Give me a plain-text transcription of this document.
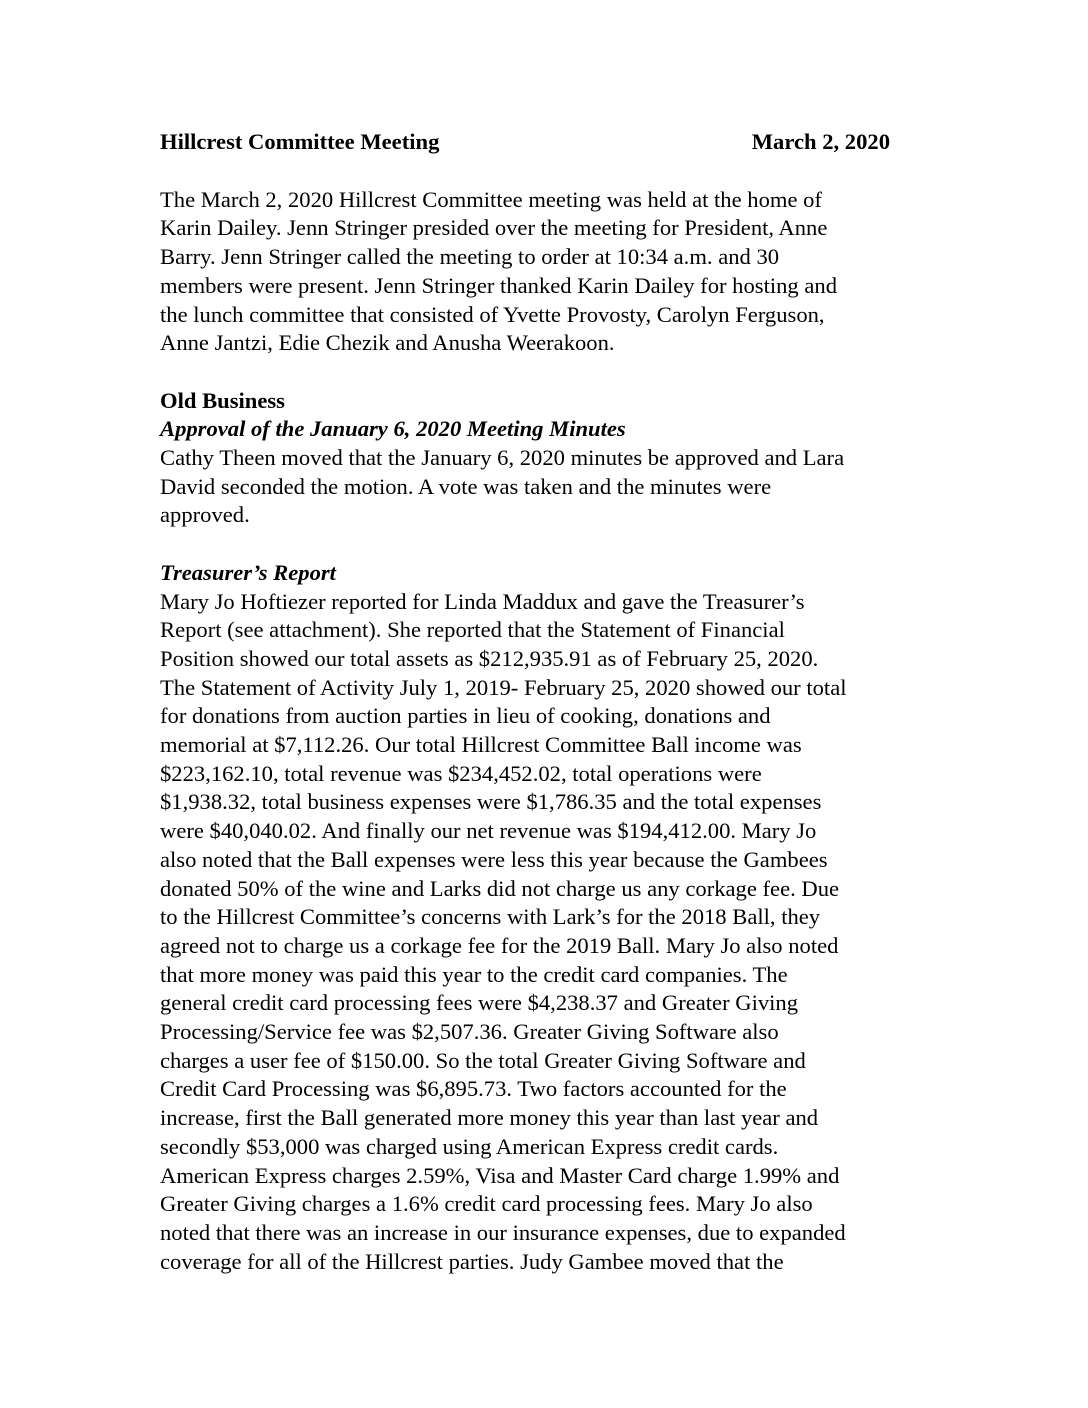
Hillcrest Committee Meeting	March 2, 2020
The March 2, 2020 Hillcrest Committee meeting was held at the home of
Karin Dailey. Jenn Stringer presided over the meeting for President, Anne
Barry. Jenn Stringer called the meeting to order at 10:34 a.m. and 30
members were present. Jenn Stringer thanked Karin Dailey for hosting and
the lunch committee that consisted of Yvette Provosty, Carolyn Ferguson,
Anne Jantzi, Edie Chezik and Anusha Weerakoon.
Old Business
Approval of the January 6, 2020 Meeting Minutes
Cathy Theen moved that the January 6, 2020 minutes be approved and Lara
David seconded the motion. A vote was taken and the minutes were
approved.
Treasurer’s Report
Mary Jo Hoftiezer reported for Linda Maddux and gave the Treasurer’s
Report (see attachment). She reported that the Statement of Financial
Position showed our total assets as $212,935.91 as of February 25, 2020.
The Statement of Activity July 1, 2019- February 25, 2020 showed our total
for donations from auction parties in lieu of cooking, donations and
memorial at $7,112.26. Our total Hillcrest Committee Ball income was
$223,162.10, total revenue was $234,452.02, total operations were
$1,938.32, total business expenses were $1,786.35 and the total expenses
were $40,040.02. And finally our net revenue was $194,412.00. Mary Jo
also noted that the Ball expenses were less this year because the Gambees
donated 50% of the wine and Larks did not charge us any corkage fee. Due
to the Hillcrest Committee’s concerns with Lark’s for the 2018 Ball, they
agreed not to charge us a corkage fee for the 2019 Ball. Mary Jo also noted
that more money was paid this year to the credit card companies. The
general credit card processing fees were $4,238.37 and Greater Giving
Processing/Service fee was $2,507.36. Greater Giving Software also
charges a user fee of $150.00. So the total Greater Giving Software and
Credit Card Processing was $6,895.73. Two factors accounted for the
increase, first the Ball generated more money this year than last year and
secondly $53,000 was charged using American Express credit cards.
American Express charges 2.59%, Visa and Master Card charge 1.99% and
Greater Giving charges a 1.6% credit card processing fees. Mary Jo also
noted that there was an increase in our insurance expenses, due to expanded
coverage for all of the Hillcrest parties. Judy Gambee moved that the
